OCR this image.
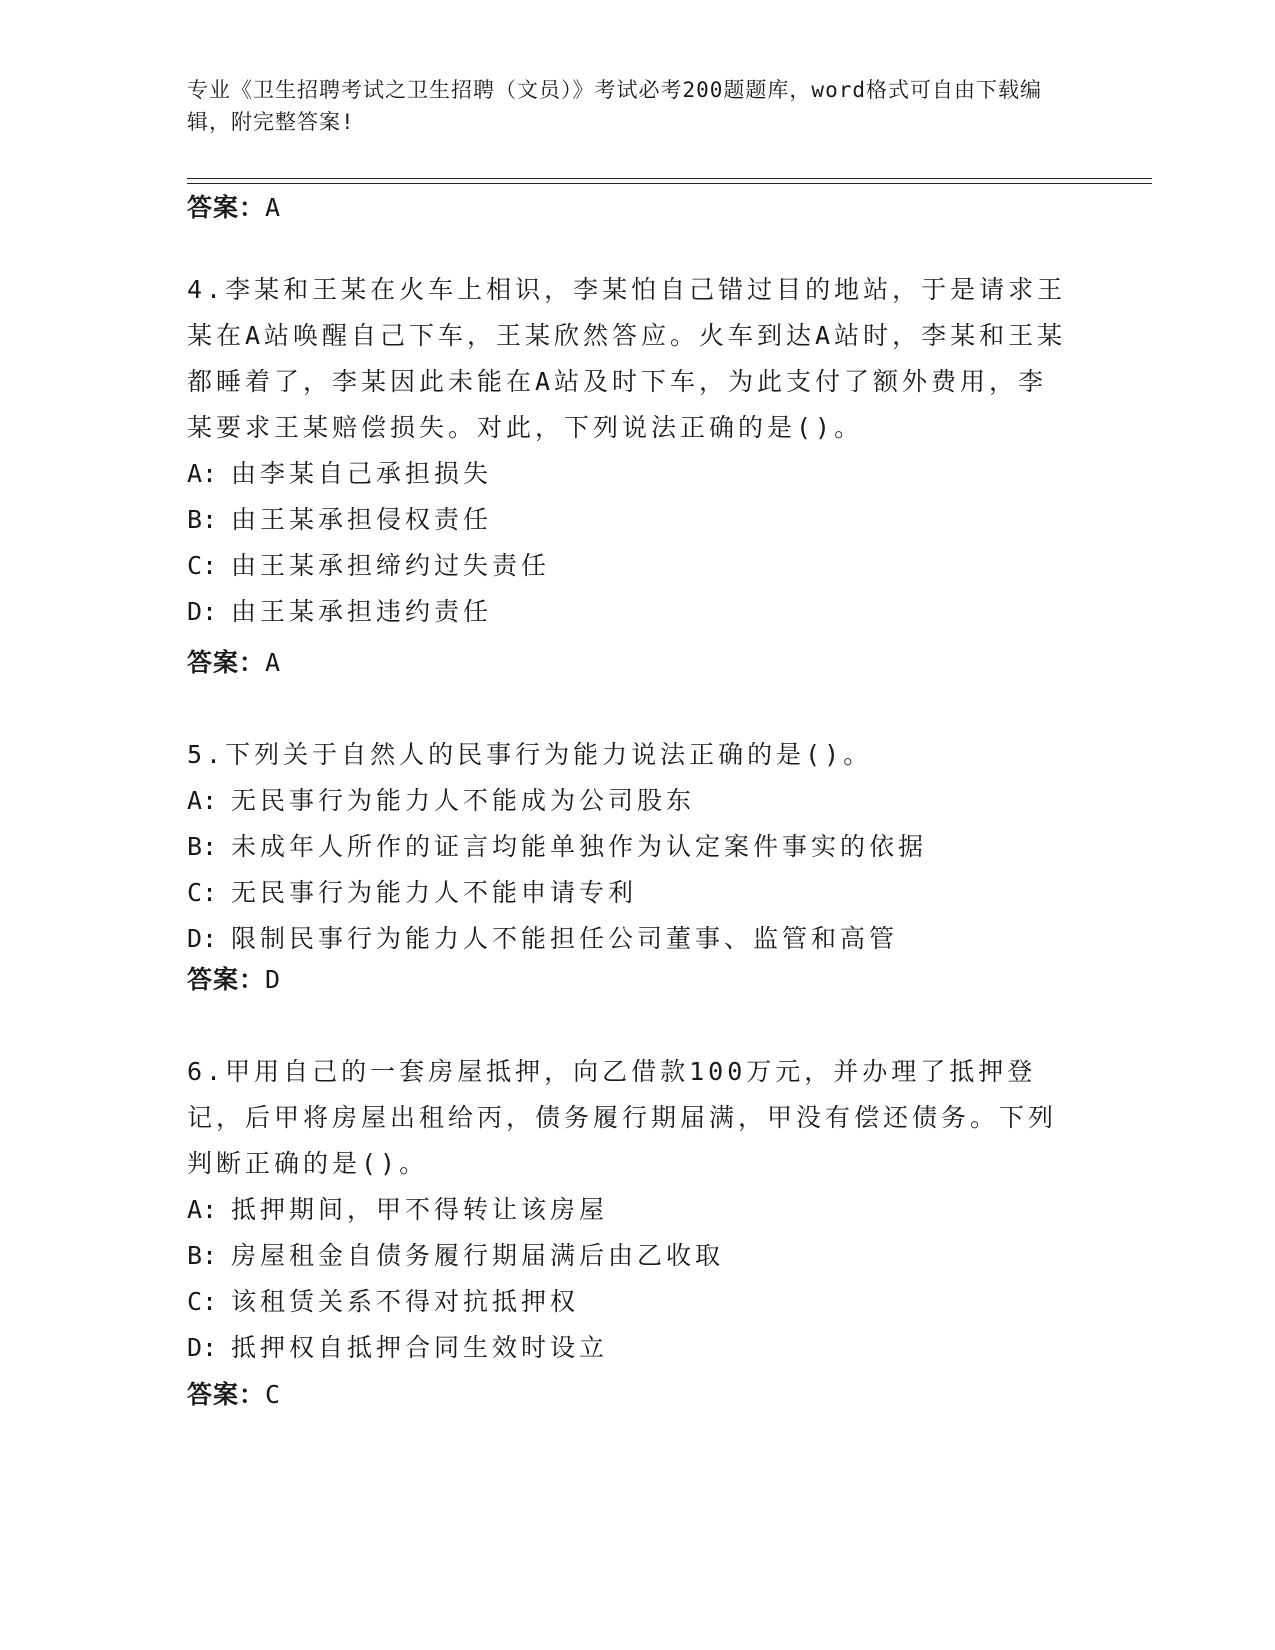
专业《卫生招聘考试之卫生招聘（文员）》考试必考200题题库，word格式可自由下载编辑，附完整答案!

答案：A

4.李某和王某在火车上相识，李某怕自己错过目的地站，于是请求王某在A站唤醒自己下车，王某欣然答应。火车到达A站时，李某和王某都睡着了，李某因此未能在A站及时下车，为此支付了额外费用，李某要求王某赔偿损失。对此，下列说法正确的是()。

A: 由李某自己承担损失

B: 由王某承担侵权责任

C: 由王某承担缔约过失责任

D: 由王某承担违约责任

答案：A

5.下列关于自然人的民事行为能力说法正确的是()。

A: 无民事行为能力人不能成为公司股东

B: 未成年人所作的证言均能单独作为认定案件事实的依据

C: 无民事行为能力人不能申请专利

D: 限制民事行为能力人不能担任公司董事、监管和高管

答案：D

6.甲用自己的一套房屋抵押，向乙借款100万元，并办理了抵押登记，后甲将房屋出租给丙，债务履行期届满，甲没有偿还债务。下列判断正确的是()。

A: 抵押期间，甲不得转让该房屋

B: 房屋租金自债务履行期届满后由乙收取

C: 该租赁关系不得对抗抵押权

D: 抵押权自抵押合同生效时设立

答案：C
